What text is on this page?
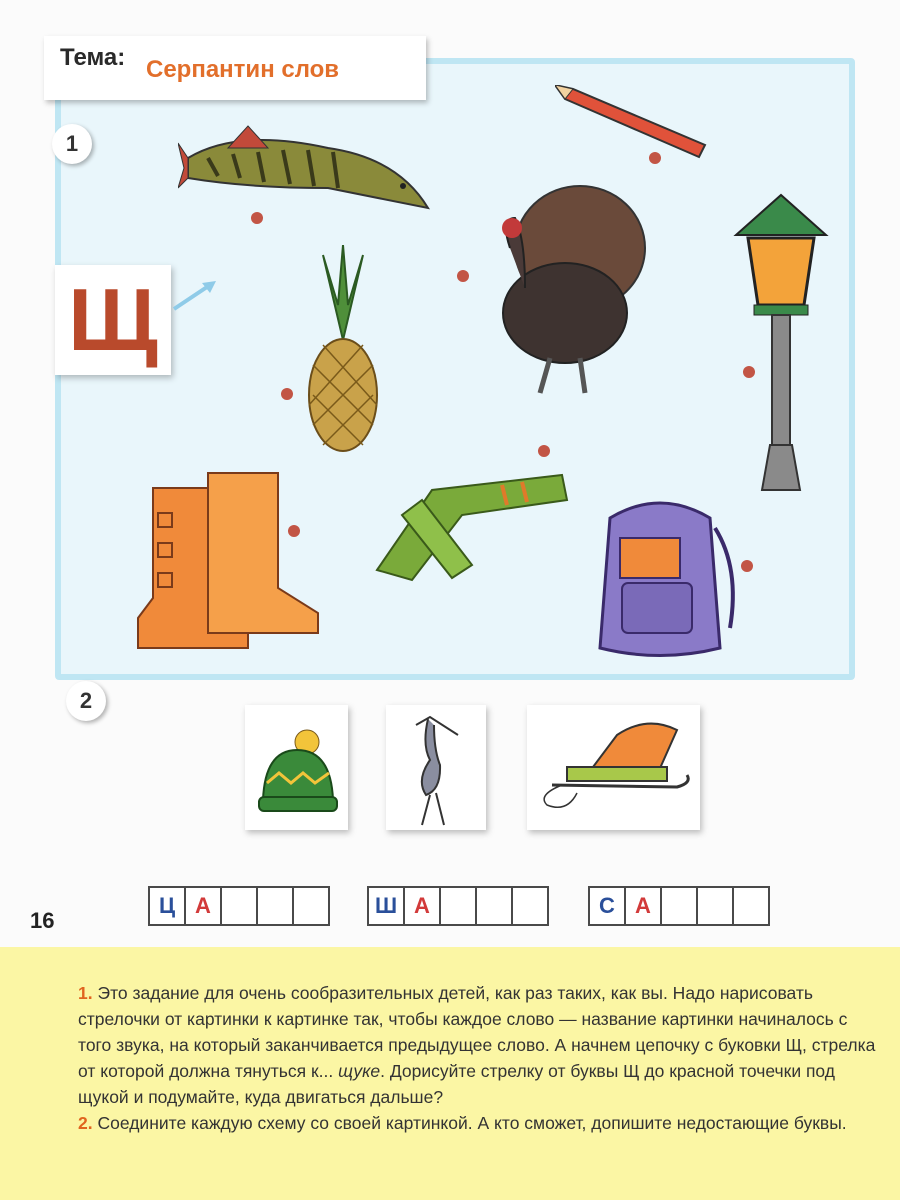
Тема: Серпантин слов
1
Щ
2
Ц А	Ш А	С А
16
1. Это задание для очень сообразительных детей, как раз таких, как вы. Надо нарисовать стрелочки от картинки к картинке так, чтобы каждое слово — название картинки начиналось с того звука, на который заканчивается предыдущее слово. А начнем цепочку с буковки Щ, стрелка от которой должна тянуться к... щуке. Дорисуйте стрелку от буквы Щ до красной точечки под щукой и подумайте, куда двигаться дальше?
2. Соедините каждую схему со своей картинкой. А кто сможет, допишите недостающие буквы.
